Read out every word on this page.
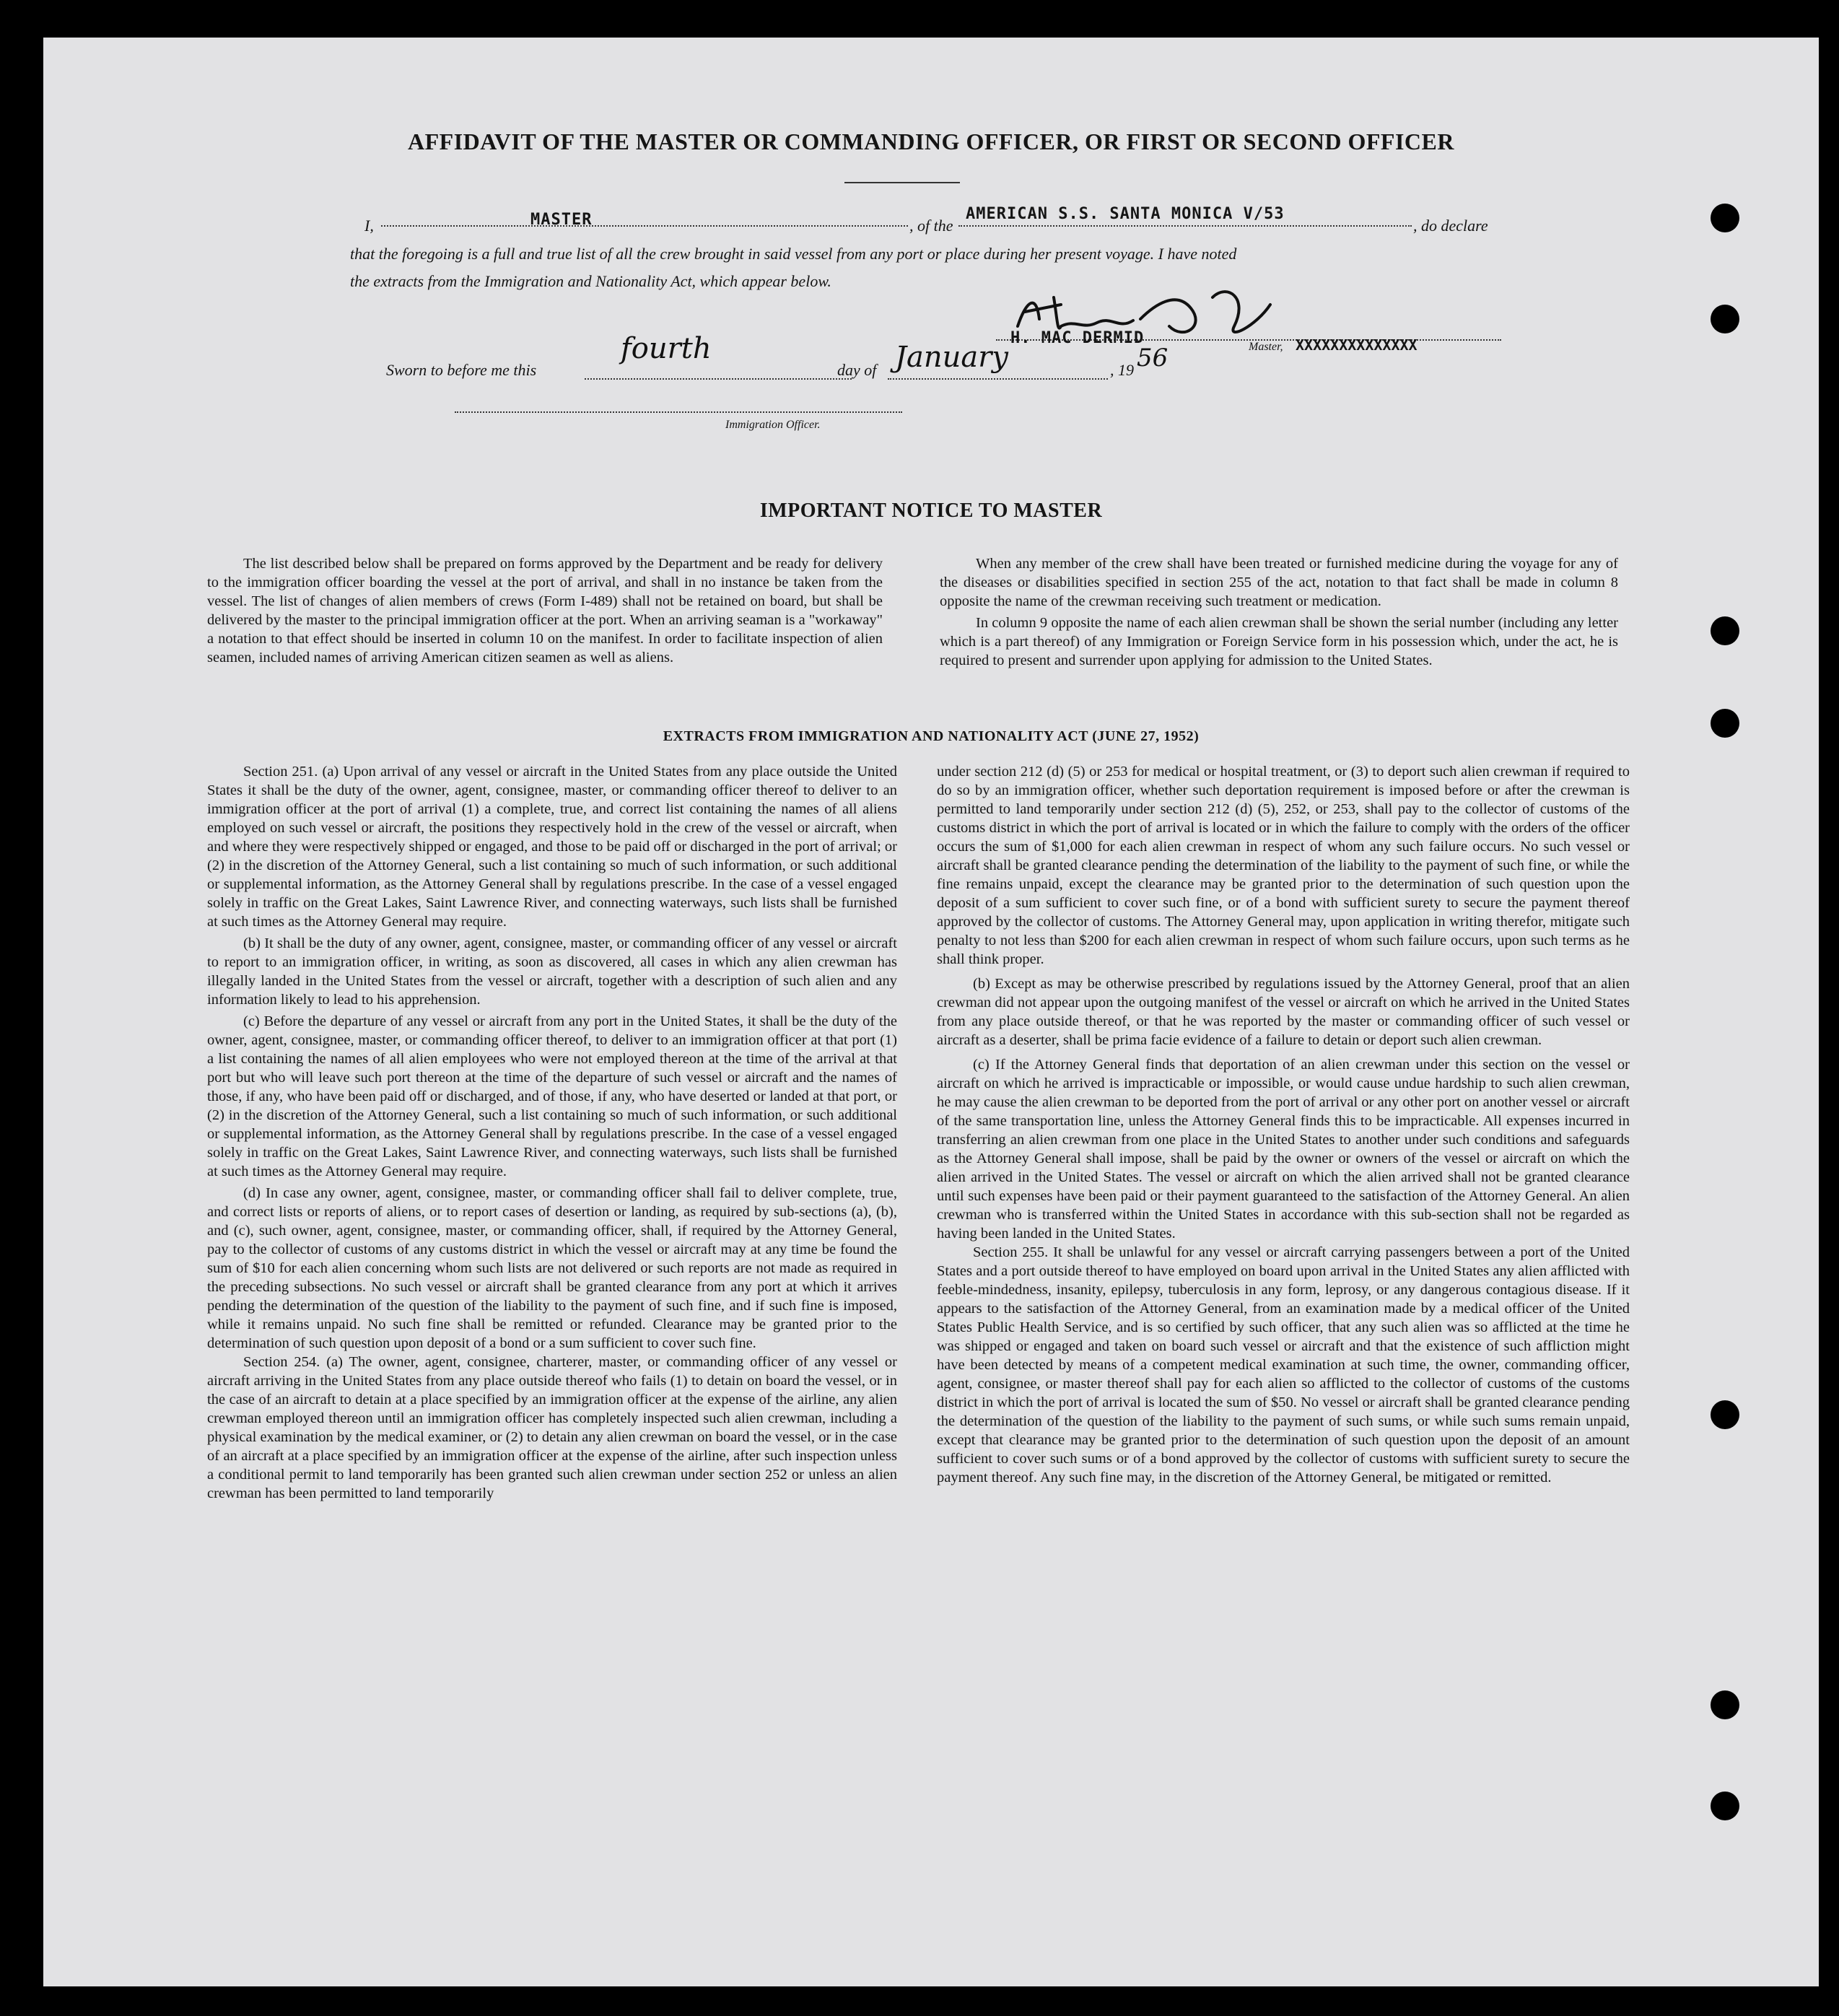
AFFIDAVIT OF THE MASTER OR COMMANDING OFFICER, OR FIRST OR SECOND OFFICER
I,	MASTER	, of the
AMERICAN S.S. SANTA MONICA V/53
, do declare
that the foregoing is a full and true list of all the crew brought in said vessel from any port or place during her present voyage. I have noted
the extracts from the Immigration and Nationality Act, which appear below.
H. MAC DERMID	Master, XXXXXXXXXXXXXX
Sworn to before me this
fourth
day of January	, 19 56
Immigration Officer.
IMPORTANT NOTICE TO MASTER

The list described below shall be prepared on forms approved by the Department and be ready for delivery to the immigration officer boarding the vessel at the port of arrival, and shall in no instance be taken from the vessel. The list of changes of alien members of crews (Form I-489) shall not be retained on board, but shall be delivered by the master to the principal immigration officer at the port. When an arriving seaman is a "workaway" a notation to that effect should be inserted in column 10 on the manifest. In order to facilitate inspection of alien seamen, included names of arriving American citizen seamen as well as aliens.

When any member of the crew shall have been treated or furnished medicine during the voyage for any of the diseases or disabilities specified in section 255 of the act, notation to that fact shall be made in column 8 opposite the name of the crewman receiving such treatment or medication.

In column 9 opposite the name of each alien crewman shall be shown the serial number (including any letter which is a part thereof) of any Immigration or Foreign Service form in his possession which, under the act, he is required to present and surrender upon applying for admission to the United States.

EXTRACTS FROM IMMIGRATION AND NATIONALITY ACT (JUNE 27, 1952)

Section 251. (a) Upon arrival of any vessel or aircraft in the United States from any place outside the United States it shall be the duty of the owner, agent, consignee, master, or commanding officer thereof to deliver to an immigration officer at the port of arrival (1) a complete, true, and correct list containing the names of all aliens employed on such vessel or aircraft, the positions they respectively hold in the crew of the vessel or aircraft, when and where they were respectively shipped or engaged, and those to be paid off or discharged in the port of arrival; or (2) in the discretion of the Attorney General, such a list containing so much of such information, or such additional or supplemental information, as the Attorney General shall by regulations prescribe. In the case of a vessel engaged solely in traffic on the Great Lakes, Saint Lawrence River, and connecting waterways, such lists shall be furnished at such times as the Attorney General may require.

(b) It shall be the duty of any owner, agent, consignee, master, or commanding officer of any vessel or aircraft to report to an immigration officer, in writing, as soon as discovered, all cases in which any alien crewman has illegally landed in the United States from the vessel or aircraft, together with a description of such alien and any information likely to lead to his apprehension.

(c) Before the departure of any vessel or aircraft from any port in the United States, it shall be the duty of the owner, agent, consignee, master, or commanding officer thereof, to deliver to an immigration officer at that port (1) a list containing the names of all alien employees who were not employed thereon at the time of the arrival at that port but who will leave such port thereon at the time of the departure of such vessel or aircraft and the names of those, if any, who have been paid off or discharged, and of those, if any, who have deserted or landed at that port, or (2) in the discretion of the Attorney General, such a list containing so much of such information, or such additional or supplemental information, as the Attorney General shall by regulations prescribe. In the case of a vessel engaged solely in traffic on the Great Lakes, Saint Lawrence River, and connecting waterways, such lists shall be furnished at such times as the Attorney General may require.

(d) In case any owner, agent, consignee, master, or commanding officer shall fail to deliver complete, true, and correct lists or reports of aliens, or to report cases of desertion or landing, as required by sub-sections (a), (b), and (c), such owner, agent, consignee, master, or commanding officer, shall, if required by the Attorney General, pay to the collector of customs of any customs district in which the vessel or aircraft may at any time be found the sum of $10 for each alien concerning whom such lists are not delivered or such reports are not made as required in the preceding subsections. No such vessel or aircraft shall be granted clearance from any port at which it arrives pending the determination of the question of the liability to the payment of such fine, and if such fine is imposed, while it remains unpaid. No such fine shall be remitted or refunded. Clearance may be granted prior to the determination of such question upon deposit of a bond or a sum sufficient to cover such fine.

Section 254. (a) The owner, agent, consignee, charterer, master, or commanding officer of any vessel or aircraft arriving in the United States from any place outside thereof who fails (1) to detain on board the vessel, or in the case of an aircraft to detain at a place specified by an immigration officer at the expense of the airline, any alien crewman employed thereon until an immigration officer has completely inspected such alien crewman, including a physical examination by the medical examiner, or (2) to detain any alien crewman on board the vessel, or in the case of an aircraft at a place specified by an immigration officer at the expense of the airline, after such inspection unless a conditional permit to land temporarily has been granted such alien crewman under section 252 or unless an alien crewman has been permitted to land temporarily

under section 212 (d) (5) or 253 for medical or hospital treatment, or (3) to deport such alien crewman if required to do so by an immigration officer, whether such deportation requirement is imposed before or after the crewman is permitted to land temporarily under section 212 (d) (5), 252, or 253, shall pay to the collector of customs of the customs district in which the port of arrival is located or in which the failure to comply with the orders of the officer occurs the sum of $1,000 for each alien crewman in respect of whom any such failure occurs. No such vessel or aircraft shall be granted clearance pending the determination of the liability to the payment of such fine, or while the fine remains unpaid, except the clearance may be granted prior to the determination of such question upon the deposit of a sum sufficient to cover such fine, or of a bond with sufficient surety to secure the payment thereof approved by the collector of customs. The Attorney General may, upon application in writing therefor, mitigate such penalty to not less than $200 for each alien crewman in respect of whom such failure occurs, upon such terms as he shall think proper.

(b) Except as may be otherwise prescribed by regulations issued by the Attorney General, proof that an alien crewman did not appear upon the outgoing manifest of the vessel or aircraft on which he arrived in the United States from any place outside thereof, or that he was reported by the master or commanding officer of such vessel or aircraft as a deserter, shall be prima facie evidence of a failure to detain or deport such alien crewman.

(c) If the Attorney General finds that deportation of an alien crewman under this section on the vessel or aircraft on which he arrived is impracticable or impossible, or would cause undue hardship to such alien crewman, he may cause the alien crewman to be deported from the port of arrival or any other port on another vessel or aircraft of the same transportation line, unless the Attorney General finds this to be impracticable. All expenses incurred in transferring an alien crewman from one place in the United States to another under such conditions and safeguards as the Attorney General shall impose, shall be paid by the owner or owners of the vessel or aircraft on which the alien arrived in the United States. The vessel or aircraft on which the alien arrived shall not be granted clearance until such expenses have been paid or their payment guaranteed to the satisfaction of the Attorney General. An alien crewman who is transferred within the United States in accordance with this sub-section shall not be regarded as having been landed in the United States.

Section 255. It shall be unlawful for any vessel or aircraft carrying passengers between a port of the United States and a port outside thereof to have employed on board upon arrival in the United States any alien afflicted with feeble-mindedness, insanity, epilepsy, tuberculosis in any form, leprosy, or any dangerous contagious disease. If it appears to the satisfaction of the Attorney General, from an examination made by a medical officer of the United States Public Health Service, and is so certified by such officer, that any such alien was so afflicted at the time he was shipped or engaged and taken on board such vessel or aircraft and that the existence of such affliction might have been detected by means of a competent medical examination at such time, the owner, commanding officer, agent, consignee, or master thereof shall pay for each alien so afflicted to the collector of customs of the customs district in which the port of arrival is located the sum of $50. No vessel or aircraft shall be granted clearance pending the determination of the question of the liability to the payment of such sums, or while such sums remain unpaid, except that clearance may be granted prior to the determination of such question upon the deposit of an amount sufficient to cover such sums or of a bond approved by the collector of customs with sufficient surety to secure the payment thereof. Any such fine may, in the discretion of the Attorney General, be mitigated or remitted.
